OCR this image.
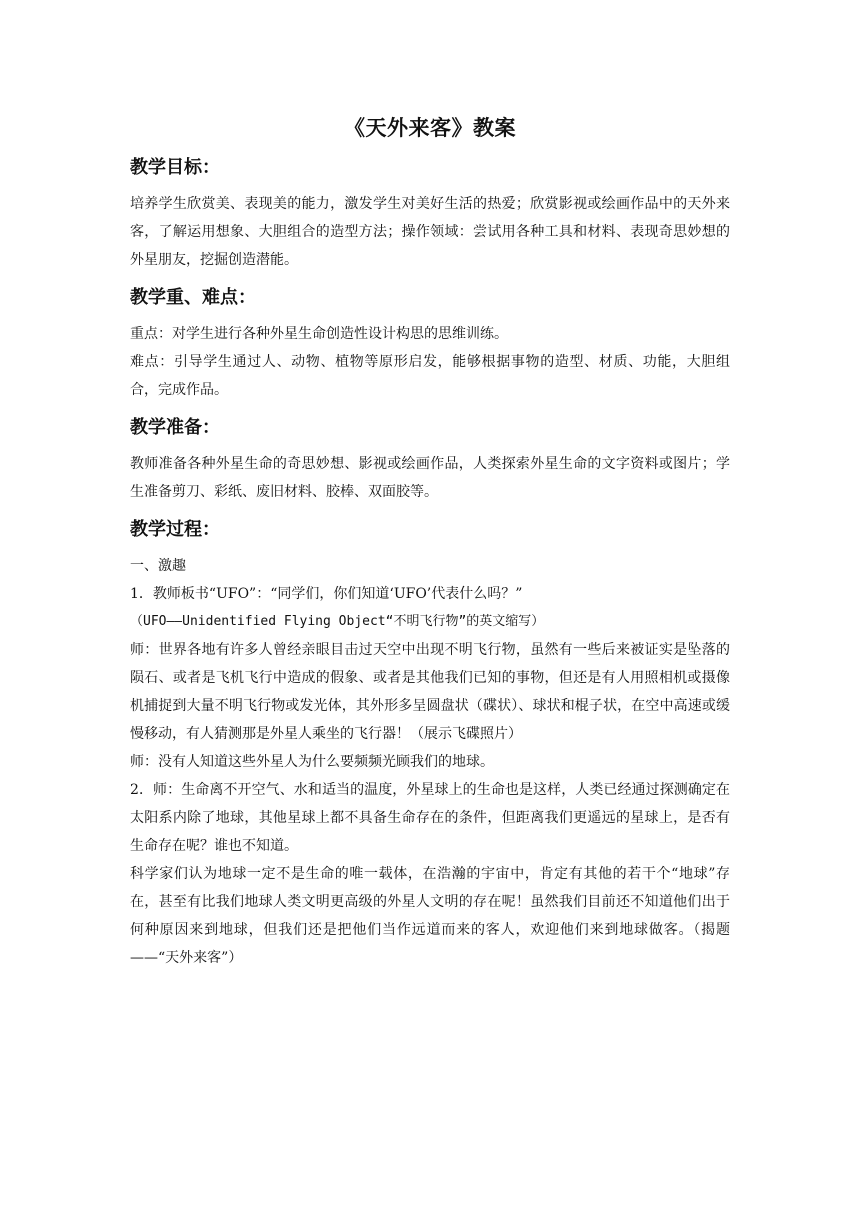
《天外来客》教案
教学目标：

培养学生欣赏美、表现美的能力，激发学生对美好生活的热爱；欣赏影视或绘画作品中的天外来客，了解运用想象、大胆组合的造型方法；操作领域：尝试用各种工具和材料、表现奇思妙想的外星朋友，挖掘创造潜能。

教学重、难点：

重点：对学生进行各种外星生命创造性设计构思的思维训练。

难点：引导学生通过人、动物、植物等原形启发，能够根据事物的造型、材质、功能，大胆组合，完成作品。

教学准备：

教师准备各种外星生命的奇思妙想、影视或绘画作品，人类探索外星生命的文字资料或图片；学生准备剪刀、彩纸、废旧材料、胶棒、双面胶等。

教学过程：

一、激趣

1．教师板书“UFO”：“同学们，你们知道‘UFO’代表什么吗？”

（UFO——Unidentified Flying Object“不明飞行物”的英文缩写）

师：世界各地有许多人曾经亲眼目击过天空中出现不明飞行物，虽然有一些后来被证实是坠落的陨石、或者是飞机飞行中造成的假象、或者是其他我们已知的事物，但还是有人用照相机或摄像机捕捉到大量不明飞行物或发光体，其外形多呈圆盘状（碟状）、球状和棍子状，在空中高速或缓慢移动，有人猜测那是外星人乘坐的飞行器！（展示飞碟照片）

师：没有人知道这些外星人为什么要频频光顾我们的地球。

2．师：生命离不开空气、水和适当的温度，外星球上的生命也是这样，人类已经通过探测确定在太阳系内除了地球，其他星球上都不具备生命存在的条件，但距离我们更遥远的星球上，是否有生命存在呢？谁也不知道。

科学家们认为地球一定不是生命的唯一载体，在浩瀚的宇宙中，肯定有其他的若干个“地球”存在，甚至有比我们地球人类文明更高级的外星人文明的存在呢！虽然我们目前还不知道他们出于何种原因来到地球，但我们还是把他们当作远道而来的客人，欢迎他们来到地球做客。（揭题——“天外来客”）
